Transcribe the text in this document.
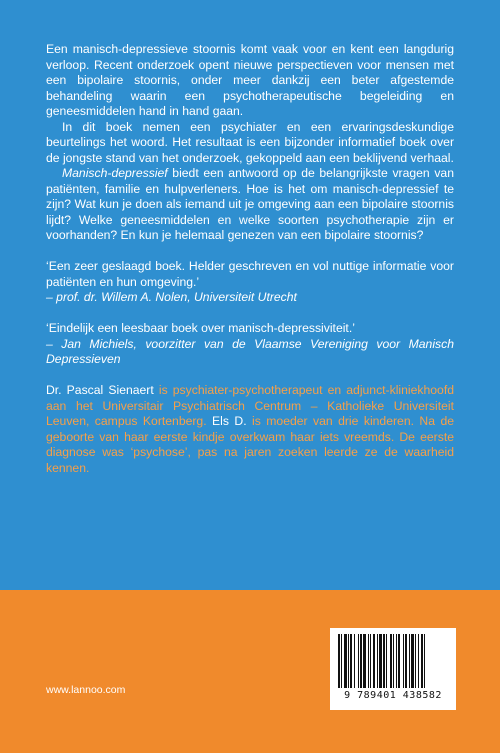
Een manisch-depressieve stoornis komt vaak voor en kent een langdurig verloop. Recent onderzoek opent nieuwe perspectieven voor mensen met een bipolaire stoornis, onder meer dankzij een beter afgestemde behandeling waarin een psychotherapeutische begeleiding en geneesmiddelen hand in hand gaan.

In dit boek nemen een psychiater en een ervaringsdeskundige beurtelings het woord. Het resultaat is een bijzonder informatief boek over de jongste stand van het onderzoek, gekoppeld aan een beklijvend verhaal.

Manisch-depressief biedt een antwoord op de belangrijkste vragen van patiënten, familie en hulpverleners. Hoe is het om manisch-depressief te zijn? Wat kun je doen als iemand uit je omgeving aan een bipolaire stoornis lijdt? Welke geneesmiddelen en welke soorten psychotherapie zijn er voorhanden? En kun je helemaal genezen van een bipolaire stoornis?

‘Een zeer geslaagd boek. Helder geschreven en vol nuttige informatie voor patiënten en hun omgeving.’

– prof. dr. Willem A. Nolen, Universiteit Utrecht

‘Eindelijk een leesbaar boek over manisch-depressiviteit.’

– Jan Michiels, voorzitter van de Vlaamse Vereniging voor Manisch Depressieven

Dr. Pascal Sienaert is psychiater-psychotherapeut en adjunct-kliniekhoofd aan het Universitair Psychiatrisch Centrum – Katholieke Universiteit Leuven, campus Kortenberg. Els D. is moeder van drie kinderen. Na de geboorte van haar eerste kindje overkwam haar iets vreemds. De eerste diagnose was ‘psychose’, pas na jaren zoeken leerde ze de waarheid kennen.

www.lannoo.com	9 789401 438582
